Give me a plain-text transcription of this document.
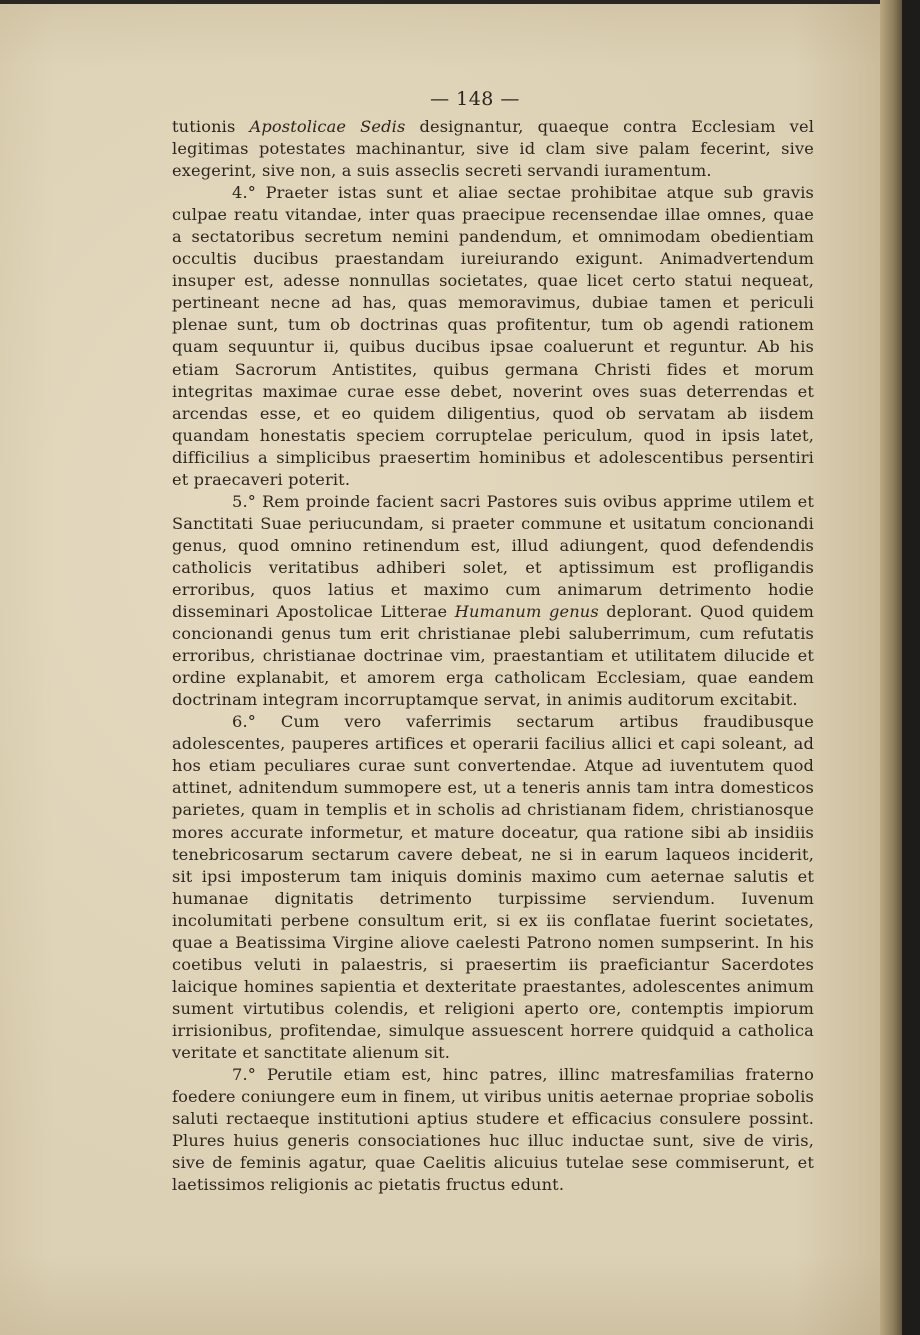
— 148 —

tutionis Apostolicae Sedis designantur, quaeque contra Ecclesiam vel legitimas potestates machinantur, sive id clam sive palam fecerint, sive exegerint, sive non, a suis asseclis secreti servandi iuramentum.

4.° Praeter istas sunt et aliae sectae prohibitae atque sub gravis culpae reatu vitandae, inter quas praecipue recensendae illae omnes, quae a sectatoribus secretum nemini pandendum, et omnimodam obedientiam occultis ducibus praestandam iureiurando exigunt. Animadvertendum insuper est, adesse nonnullas societates, quae licet certo statui nequeat, pertineant necne ad has, quas memoravimus, dubiae tamen et periculi plenae sunt, tum ob doctrinas quas profitentur, tum ob agendi rationem quam sequuntur ii, quibus ducibus ipsae coaluerunt et reguntur. Ab his etiam Sacrorum Antistites, quibus germana Christi fides et morum integritas maximae curae esse debet, noverint oves suas deterrendas et arcendas esse, et eo quidem diligentius, quod ob servatam ab iisdem quandam honestatis speciem corruptelae periculum, quod in ipsis latet, difficilius a simplicibus praesertim hominibus et adolescentibus persentiri et praecaveri poterit.

5.° Rem proinde facient sacri Pastores suis ovibus apprime utilem et Sanctitati Suae periucundam, si praeter commune et usitatum concionandi genus, quod omnino retinendum est, illud adiungent, quod defendendis catholicis veritatibus adhiberi solet, et aptissimum est profligandis erroribus, quos latius et maximo cum animarum detrimento hodie disseminari Apostolicae Litterae Humanum genus deplorant. Quod quidem concionandi genus tum erit christianae plebi saluberrimum, cum refutatis erroribus, christianae doctrinae vim, praestantiam et utilitatem dilucide et ordine explanabit, et amorem erga catholicam Ecclesiam, quae eandem doctrinam integram incorruptamque servat, in animis auditorum excitabit.

6.° Cum vero vaferrimis sectarum artibus fraudibusque adolescentes, pauperes artifices et operarii facilius allici et capi soleant, ad hos etiam peculiares curae sunt convertendae. Atque ad iuventutem quod attinet, adnitendum summopere est, ut a teneris annis tam intra domesticos parietes, quam in templis et in scholis ad christianam fidem, christianosque mores accurate informetur, et mature doceatur, qua ratione sibi ab insidiis tenebricosarum sectarum cavere debeat, ne si in earum laqueos inciderit, sit ipsi imposterum tam iniquis dominis maximo cum aeternae salutis et humanae dignitatis detrimento turpissime serviendum. Iuvenum incolumitati perbene consultum erit, si ex iis conflatae fuerint societates, quae a Beatissima Virgine aliove caelesti Patrono nomen sumpserint. In his coetibus veluti in palaestris, si praesertim iis praeficiantur Sacerdotes laicique homines sapientia et dexteritate praestantes, adolescentes animum sument virtutibus colendis, et religioni aperto ore, contemptis impiorum irrisionibus, profitendae, simulque assuescent horrere quidquid a catholica veritate et sanctitate alienum sit.

7.° Perutile etiam est, hinc patres, illinc matresfamilias fraterno foedere coniungere eum in finem, ut viribus unitis aeternae propriae sobolis saluti rectaeque institutioni aptius studere et efficacius consulere possint. Plures huius generis consociationes huc illuc inductae sunt, sive de viris, sive de feminis agatur, quae Caelitis alicuius tutelae sese commiserunt, et laetissimos religionis ac pietatis fructus edunt.
